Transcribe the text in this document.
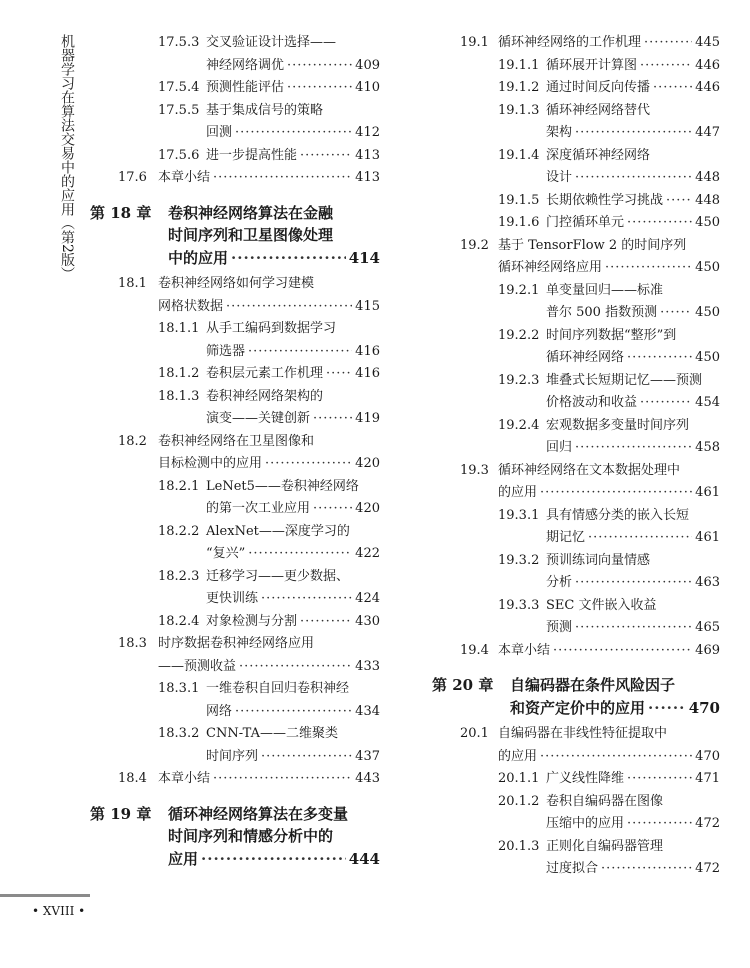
机器学习在算法交易中的应用（第2版）	17.5.3 交叉验证设计选择——
神经网络调优 ·····	409
17.5.4 预测性能评估 ·····	410
17.5.5 基于集成信号的策略
回测 ·····	412
17.5.6 进一步提高性能 ·····	413
17.6 本章小结 ·····	413
第 18 章 卷积神经网络算法在金融
时间序列和卫星图像处理
中的应用 ·····	414
18.1 卷积神经网络如何学习建模
网格状数据 ·····	415
18.1.1 从手工编码到数据学习
筛选器 ·····	416
18.1.2 卷积层元素工作机理 ····· 416
18.1.3 卷积神经网络架构的
演变——关键创新 ·····	419
18.2 卷积神经网络在卫星图像和
目标检测中的应用 ·····	420
18.2.1 LeNet5——卷积神经网络
的第一次工业应用 ·····	420
18.2.2 AlexNet——深度学习的
“复兴” ·····	422
18.2.3 迁移学习——更少数据、
更快训练 ·····	424
18.2.4 对象检测与分割 ·····	430
18.3 时序数据卷积神经网络应用
——预测收益 ·····	433
18.3.1 一维卷积自回归卷积神经
网络 ·····	434
18.3.2 CNN-TA——二维聚类
时间序列 ·····	437
18.4 本章小结 ·····	443
第 19 章 循环神经网络算法在多变量
时间序列和情感分析中的
应用 ·····	444
19.1 循环神经网络的工作机理 ·····	445
19.1.1 循环展开计算图 ·····	446
19.1.2 通过时间反向传播 ·····	446
19.1.3 循环神经网络替代
架构 ·····	447
19.1.4 深度循环神经网络
设计 ·····	448
19.1.5 长期依赖性学习挑战 ····· 448
19.1.6 门控循环单元 ·····	450
19.2 基于 TensorFlow 2 的时间序列
循环神经网络应用 ·····	450
19.2.1 单变量回归——标准
普尔 500 指数预测 ·····	450
19.2.2 时间序列数据“整形”到
循环神经网络 ·····	450
19.2.3 堆叠式长短期记忆——预测
价格波动和收益 ·····	454
19.2.4 宏观数据多变量时间序列
回归 ·····	458
19.3 循环神经网络在文本数据处理中
的应用 ·····	461
19.3.1 具有情感分类的嵌入长短
期记忆 ·····	461
19.3.2 预训练词向量情感
分析 ·····	463
19.3.3 SEC 文件嵌入收益
预测 ·····	465
19.4 本章小结 ·····	469
第 20 章 自编码器在条件风险因子
和资产定价中的应用 ·····	470
20.1 自编码器在非线性特征提取中
的应用 ·····	470
20.1.1 广义线性降维 ·····	471
20.1.2 卷积自编码器在图像
压缩中的应用 ·····	472
20.1.3 正则化自编码器管理
过度拟合 ·····	472
• XVIII •
